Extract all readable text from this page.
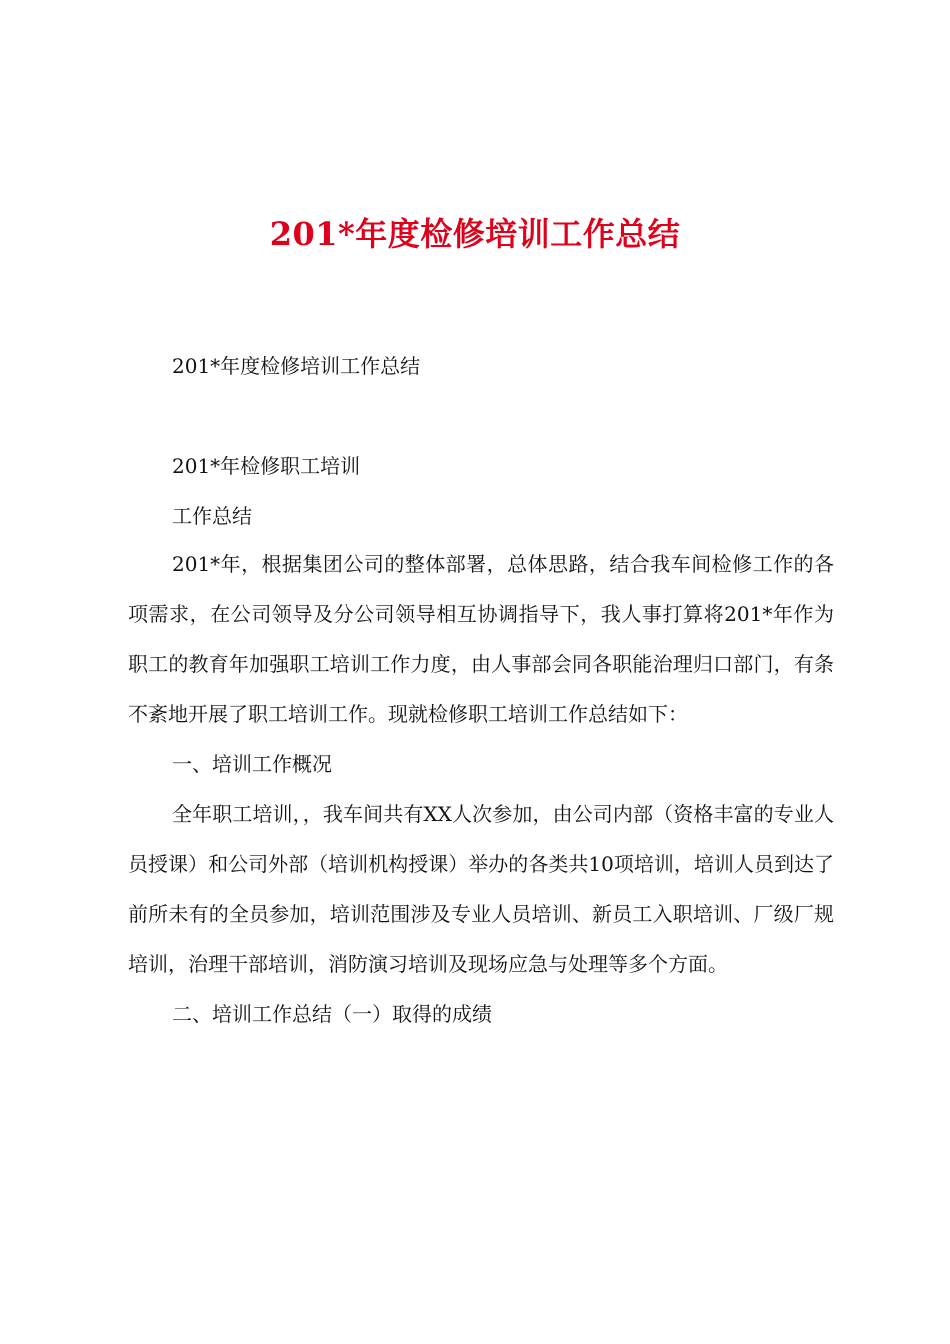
201*年度检修培训工作总结
201*年度检修培训工作总结
201*年检修职工培训
工作总结

201*年，根据集团公司的整体部署，总体思路，结合我车间检修工作的各项需求，在公司领导及分公司领导相互协调指导下，我人事打算将201*年作为职工的教育年加强职工培训工作力度，由人事部会同各职能治理归口部门，有条不紊地开展了职工培训工作。现就检修职工培训工作总结如下：

一、培训工作概况

全年职工培训，，我车间共有XX人次参加，由公司内部（资格丰富的专业人员授课）和公司外部（培训机构授课）举办的各类共10项培训，培训人员到达了前所未有的全员参加，培训范围涉及专业人员培训、新员工入职培训、厂级厂规培训，治理干部培训，消防演习培训及现场应急与处理等多个方面。

二、培训工作总结（一）取得的成绩
